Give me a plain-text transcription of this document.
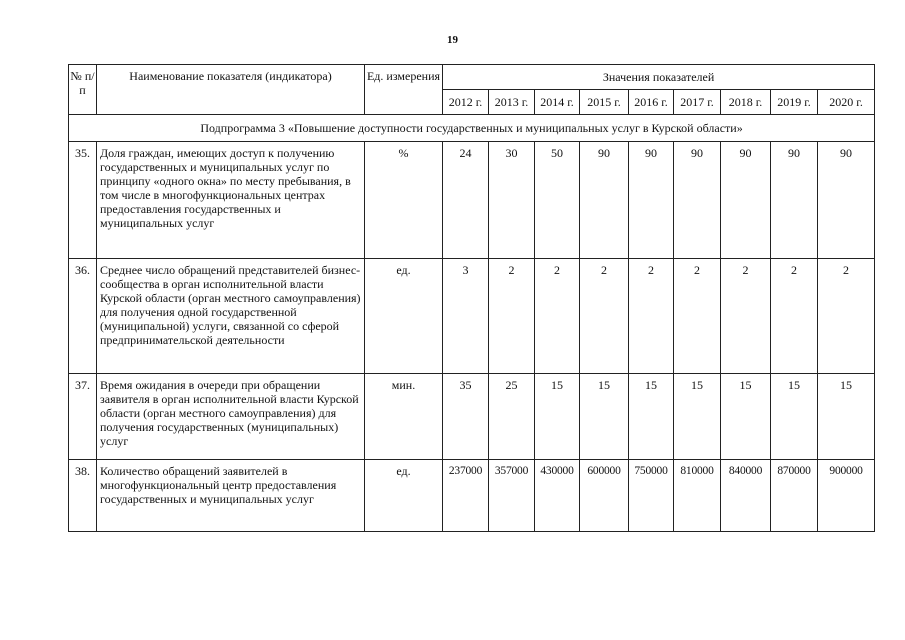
19
№ п/п	Наименование показателя (индикатора)	Ед. измерения	Значения показателей								
			2012 г.	2013 г.	2014 г.	2015 г.	2016 г.	2017 г.	2018 г.	2019 г.	2020 г.
Подпрограмма 3 «Повышение доступности государственных и муниципальных услуг в Курской области»											
35.	Доля граждан, имеющих доступ к получению государственных и муниципальных услуг по принципу «одного окна» по месту пребывания, в том числе в многофункциональных центрах предоставления государственных и муниципальных услуг	%	24	30	50	90	90	90	90	90	90
36.	Среднее число обращений представителей бизнес-сообщества в орган исполнительной власти Курской области (орган местного самоуправления) для получения одной государственной (муниципальной) услуги, связанной со сферой предпринимательской деятельности	ед.	3	2	2	2	2	2	2	2	2
37.	Время ожидания в очереди при обращении заявителя в орган исполнительной власти Курской области (орган местного самоуправления) для получения государственных (муниципальных) услуг	мин.	35	25	15	15	15	15	15	15	15
38.	Количество обращений заявителей в многофункциональный центр предоставления государственных и муниципальных услуг	ед.	237000	357000	430000	600000	750000	810000	840000	870000	900000
